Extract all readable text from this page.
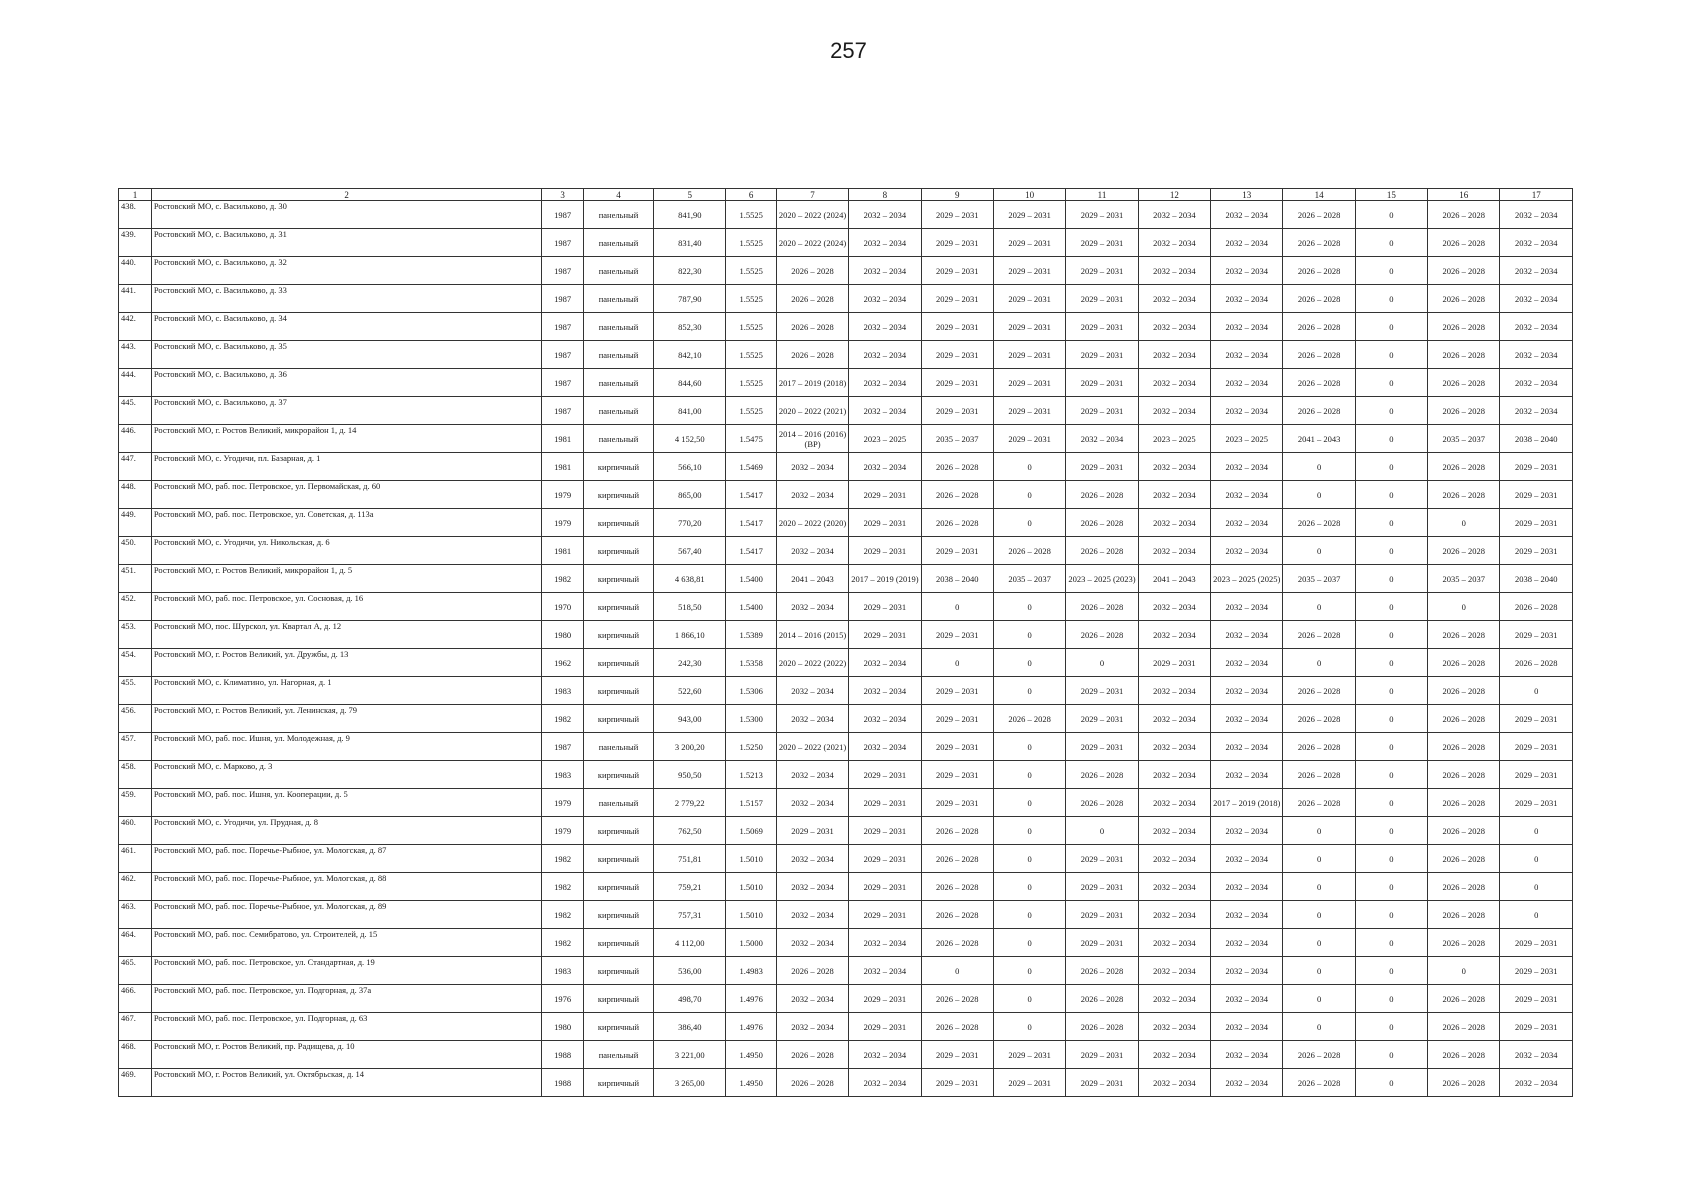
257
1	2	3	4	5	6	7	8	9	10	11	12	13	14	15	16	17
438.	Ростовский МО, с. Васильково, д. 30	1987	панельный	841,90	1.5525	2020 – 2022 (2024)	2032 – 2034	2029 – 2031	2029 – 2031	2029 – 2031	2032 – 2034	2032 – 2034	2026 – 2028	0	2026 – 2028	2032 – 2034
439.	Ростовский МО, с. Васильково, д. 31	1987	панельный	831,40	1.5525	2020 – 2022 (2024)	2032 – 2034	2029 – 2031	2029 – 2031	2029 – 2031	2032 – 2034	2032 – 2034	2026 – 2028	0	2026 – 2028	2032 – 2034
440.	Ростовский МО, с. Васильково, д. 32	1987	панельный	822,30	1.5525	2026 – 2028	2032 – 2034	2029 – 2031	2029 – 2031	2029 – 2031	2032 – 2034	2032 – 2034	2026 – 2028	0	2026 – 2028	2032 – 2034
441.	Ростовский МО, с. Васильково, д. 33	1987	панельный	787,90	1.5525	2026 – 2028	2032 – 2034	2029 – 2031	2029 – 2031	2029 – 2031	2032 – 2034	2032 – 2034	2026 – 2028	0	2026 – 2028	2032 – 2034
442.	Ростовский МО, с. Васильково, д. 34	1987	панельный	852,30	1.5525	2026 – 2028	2032 – 2034	2029 – 2031	2029 – 2031	2029 – 2031	2032 – 2034	2032 – 2034	2026 – 2028	0	2026 – 2028	2032 – 2034
443.	Ростовский МО, с. Васильково, д. 35	1987	панельный	842,10	1.5525	2026 – 2028	2032 – 2034	2029 – 2031	2029 – 2031	2029 – 2031	2032 – 2034	2032 – 2034	2026 – 2028	0	2026 – 2028	2032 – 2034
444.	Ростовский МО, с. Васильково, д. 36	1987	панельный	844,60	1.5525	2017 – 2019 (2018)	2032 – 2034	2029 – 2031	2029 – 2031	2029 – 2031	2032 – 2034	2032 – 2034	2026 – 2028	0	2026 – 2028	2032 – 2034
445.	Ростовский МО, с. Васильково, д. 37	1987	панельный	841,00	1.5525	2020 – 2022 (2021)	2032 – 2034	2029 – 2031	2029 – 2031	2029 – 2031	2032 – 2034	2032 – 2034	2026 – 2028	0	2026 – 2028	2032 – 2034
446.	Ростовский МО, г. Ростов Великий, микрорайон 1, д. 14	1981	панельный	4 152,50	1.5475	2014 – 2016 (2016)(ВР)	2023 – 2025	2035 – 2037	2029 – 2031	2032 – 2034	2023 – 2025	2023 – 2025	2041 – 2043	0	2035 – 2037	2038 – 2040
447.	Ростовский МО, с. Угодичи, пл. Базарная, д. 1	1981	кирпичный	566,10	1.5469	2032 – 2034	2032 – 2034	2026 – 2028	0	2029 – 2031	2032 – 2034	2032 – 2034	0	0	2026 – 2028	2029 – 2031
448.	Ростовский МО, раб. пос. Петровское, ул. Первомайская, д. 60	1979	кирпичный	865,00	1.5417	2032 – 2034	2029 – 2031	2026 – 2028	0	2026 – 2028	2032 – 2034	2032 – 2034	0	0	2026 – 2028	2029 – 2031
449.	Ростовский МО, раб. пос. Петровское, ул. Советская, д. 113а	1979	кирпичный	770,20	1.5417	2020 – 2022 (2020)	2029 – 2031	2026 – 2028	0	2026 – 2028	2032 – 2034	2032 – 2034	2026 – 2028	0	0	2029 – 2031
450.	Ростовский МО, с. Угодичи, ул. Никольская, д. 6	1981	кирпичный	567,40	1.5417	2032 – 2034	2029 – 2031	2029 – 2031	2026 – 2028	2026 – 2028	2032 – 2034	2032 – 2034	0	0	2026 – 2028	2029 – 2031
451.	Ростовский МО, г. Ростов Великий, микрорайон 1, д. 5	1982	кирпичный	4 638,81	1.5400	2041 – 2043	2017 – 2019 (2019)	2038 – 2040	2035 – 2037	2023 – 2025 (2023)	2041 – 2043	2023 – 2025 (2025)	2035 – 2037	0	2035 – 2037	2038 – 2040
452.	Ростовский МО, раб. пос. Петровское, ул. Сосновая, д. 16	1970	кирпичный	518,50	1.5400	2032 – 2034	2029 – 2031	0	0	2026 – 2028	2032 – 2034	2032 – 2034	0	0	0	2026 – 2028
453.	Ростовский МО, пос. Шурскол, ул. Квартал А, д. 12	1980	кирпичный	1 866,10	1.5389	2014 – 2016 (2015)	2029 – 2031	2029 – 2031	0	2026 – 2028	2032 – 2034	2032 – 2034	2026 – 2028	0	2026 – 2028	2029 – 2031
454.	Ростовский МО, г. Ростов Великий, ул. Дружбы, д. 13	1962	кирпичный	242,30	1.5358	2020 – 2022 (2022)	2032 – 2034	0	0	0	2029 – 2031	2032 – 2034	0	0	2026 – 2028	2026 – 2028
455.	Ростовский МО, с. Климатино, ул. Нагорная, д. 1	1983	кирпичный	522,60	1.5306	2032 – 2034	2032 – 2034	2029 – 2031	0	2029 – 2031	2032 – 2034	2032 – 2034	2026 – 2028	0	2026 – 2028	0
456.	Ростовский МО, г. Ростов Великий, ул. Ленинская, д. 79	1982	кирпичный	943,00	1.5300	2032 – 2034	2032 – 2034	2029 – 2031	2026 – 2028	2029 – 2031	2032 – 2034	2032 – 2034	2026 – 2028	0	2026 – 2028	2029 – 2031
457.	Ростовский МО, раб. пос. Ишня, ул. Молодежная, д. 9	1987	панельный	3 200,20	1.5250	2020 – 2022 (2021)	2032 – 2034	2029 – 2031	0	2029 – 2031	2032 – 2034	2032 – 2034	2026 – 2028	0	2026 – 2028	2029 – 2031
458.	Ростовский МО, с. Марково, д. 3	1983	кирпичный	950,50	1.5213	2032 – 2034	2029 – 2031	2029 – 2031	0	2026 – 2028	2032 – 2034	2032 – 2034	2026 – 2028	0	2026 – 2028	2029 – 2031
459.	Ростовский МО, раб. пос. Ишня, ул. Кооперации, д. 5	1979	панельный	2 779,22	1.5157	2032 – 2034	2029 – 2031	2029 – 2031	0	2026 – 2028	2032 – 2034	2017 – 2019 (2018)	2026 – 2028	0	2026 – 2028	2029 – 2031
460.	Ростовский МО, с. Угодичи, ул. Прудная, д. 8	1979	кирпичный	762,50	1.5069	2029 – 2031	2029 – 2031	2026 – 2028	0	0	2032 – 2034	2032 – 2034	0	0	2026 – 2028	0
461.	Ростовский МО, раб. пос. Поречье-Рыбное, ул. Мологская, д. 87	1982	кирпичный	751,81	1.5010	2032 – 2034	2029 – 2031	2026 – 2028	0	2029 – 2031	2032 – 2034	2032 – 2034	0	0	2026 – 2028	0
462.	Ростовский МО, раб. пос. Поречье-Рыбное, ул. Мологская, д. 88	1982	кирпичный	759,21	1.5010	2032 – 2034	2029 – 2031	2026 – 2028	0	2029 – 2031	2032 – 2034	2032 – 2034	0	0	2026 – 2028	0
463.	Ростовский МО, раб. пос. Поречье-Рыбное, ул. Мологская, д. 89	1982	кирпичный	757,31	1.5010	2032 – 2034	2029 – 2031	2026 – 2028	0	2029 – 2031	2032 – 2034	2032 – 2034	0	0	2026 – 2028	0
464.	Ростовский МО, раб. пос. Семибратово, ул. Строителей, д. 15	1982	кирпичный	4 112,00	1.5000	2032 – 2034	2032 – 2034	2026 – 2028	0	2029 – 2031	2032 – 2034	2032 – 2034	0	0	2026 – 2028	2029 – 2031
465.	Ростовский МО, раб. пос. Петровское, ул. Стандартная, д. 19	1983	кирпичный	536,00	1.4983	2026 – 2028	2032 – 2034	0	0	2026 – 2028	2032 – 2034	2032 – 2034	0	0	0	2029 – 2031
466.	Ростовский МО, раб. пос. Петровское, ул. Подгорная, д. 37а	1976	кирпичный	498,70	1.4976	2032 – 2034	2029 – 2031	2026 – 2028	0	2026 – 2028	2032 – 2034	2032 – 2034	0	0	2026 – 2028	2029 – 2031
467.	Ростовский МО, раб. пос. Петровское, ул. Подгорная, д. 63	1980	кирпичный	386,40	1.4976	2032 – 2034	2029 – 2031	2026 – 2028	0	2026 – 2028	2032 – 2034	2032 – 2034	0	0	2026 – 2028	2029 – 2031
468.	Ростовский МО, г. Ростов Великий, пр. Радищева, д. 10	1988	панельный	3 221,00	1.4950	2026 – 2028	2032 – 2034	2029 – 2031	2029 – 2031	2029 – 2031	2032 – 2034	2032 – 2034	2026 – 2028	0	2026 – 2028	2032 – 2034
469.	Ростовский МО, г. Ростов Великий, ул. Октябрьская, д. 14	1988	кирпичный	3 265,00	1.4950	2026 – 2028	2032 – 2034	2029 – 2031	2029 – 2031	2029 – 2031	2032 – 2034	2032 – 2034	2026 – 2028	0	2026 – 2028	2032 – 2034
